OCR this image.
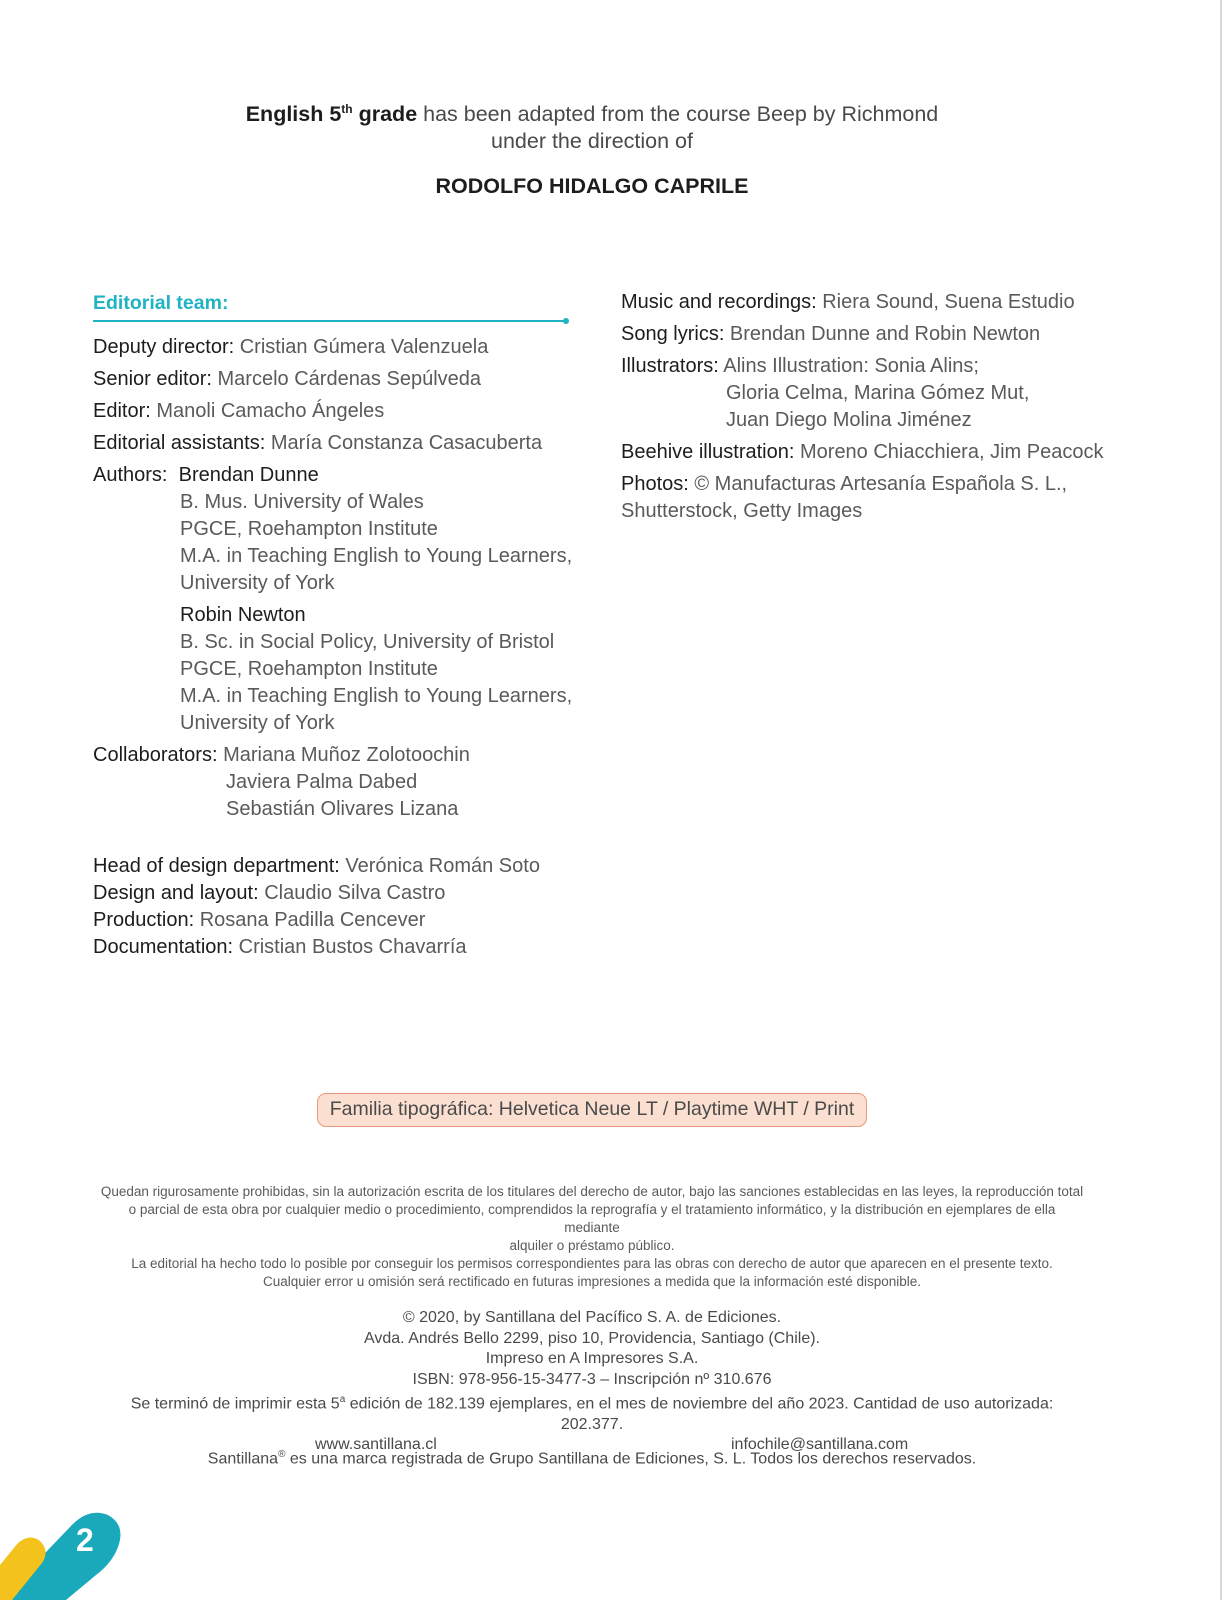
English 5th grade has been adapted from the course Beep by Richmond
under the direction of
RODOLFO HIDALGO CAPRILE
Editorial team:
Deputy director: Cristian Gúmera Valenzuela
Senior editor: Marcelo Cárdenas Sepúlveda
Editor: Manoli Camacho Ángeles
Editorial assistants: María Constanza Casacuberta
Authors: Brendan Dunne
B. Mus. University of Wales
PGCE, Roehampton Institute
M.A. in Teaching English to Young Learners,
University of York
Robin Newton
B. Sc. in Social Policy, University of Bristol
PGCE, Roehampton Institute
M.A. in Teaching English to Young Learners,
University of York
Collaborators: Mariana Muñoz Zolotoochin
Javiera Palma Dabed
Sebastián Olivares Lizana
Head of design department: Verónica Román Soto
Design and layout: Claudio Silva Castro
Production: Rosana Padilla Cencever
Documentation: Cristian Bustos Chavarría
Music and recordings: Riera Sound, Suena Estudio
Song lyrics: Brendan Dunne and Robin Newton
Illustrators: Alins Illustration: Sonia Alins;
Gloria Celma, Marina Gómez Mut,
Juan Diego Molina Jiménez
Beehive illustration: Moreno Chiacchiera, Jim Peacock
Photos: © Manufacturas Artesanía Española S. L.,
Shutterstock, Getty Images
Familia tipográfica: Helvetica Neue LT / Playtime WHT / Print
Quedan rigurosamente prohibidas, sin la autorización escrita de los titulares del derecho de autor, bajo las sanciones establecidas en las leyes, la reproducción total
o parcial de esta obra por cualquier medio o procedimiento, comprendidos la reprografía y el tratamiento informático, y la distribución en ejemplares de ella mediante
alquiler o préstamo público.
La editorial ha hecho todo lo posible por conseguir los permisos correspondientes para las obras con derecho de autor que aparecen en el presente texto.
Cualquier error u omisión será rectificado en futuras impresiones a medida que la información esté disponible.
© 2020, by Santillana del Pacífico S. A. de Ediciones.
Avda. Andrés Bello 2299, piso 10, Providencia, Santiago (Chile).
Impreso en A Impresores S.A.
ISBN: 978-956-15-3477-3 – Inscripción nº 310.676
Se terminó de imprimir esta 5$^a$ edición de 182.139 ejemplares, en el mes de noviembre del año 2023. Cantidad de uso autorizada: 202.377.
www.santillana.cl	infochile@santillana.com
Santillana® es una marca registrada de Grupo Santillana de Ediciones, S. L. Todos los derechos reservados.
2
